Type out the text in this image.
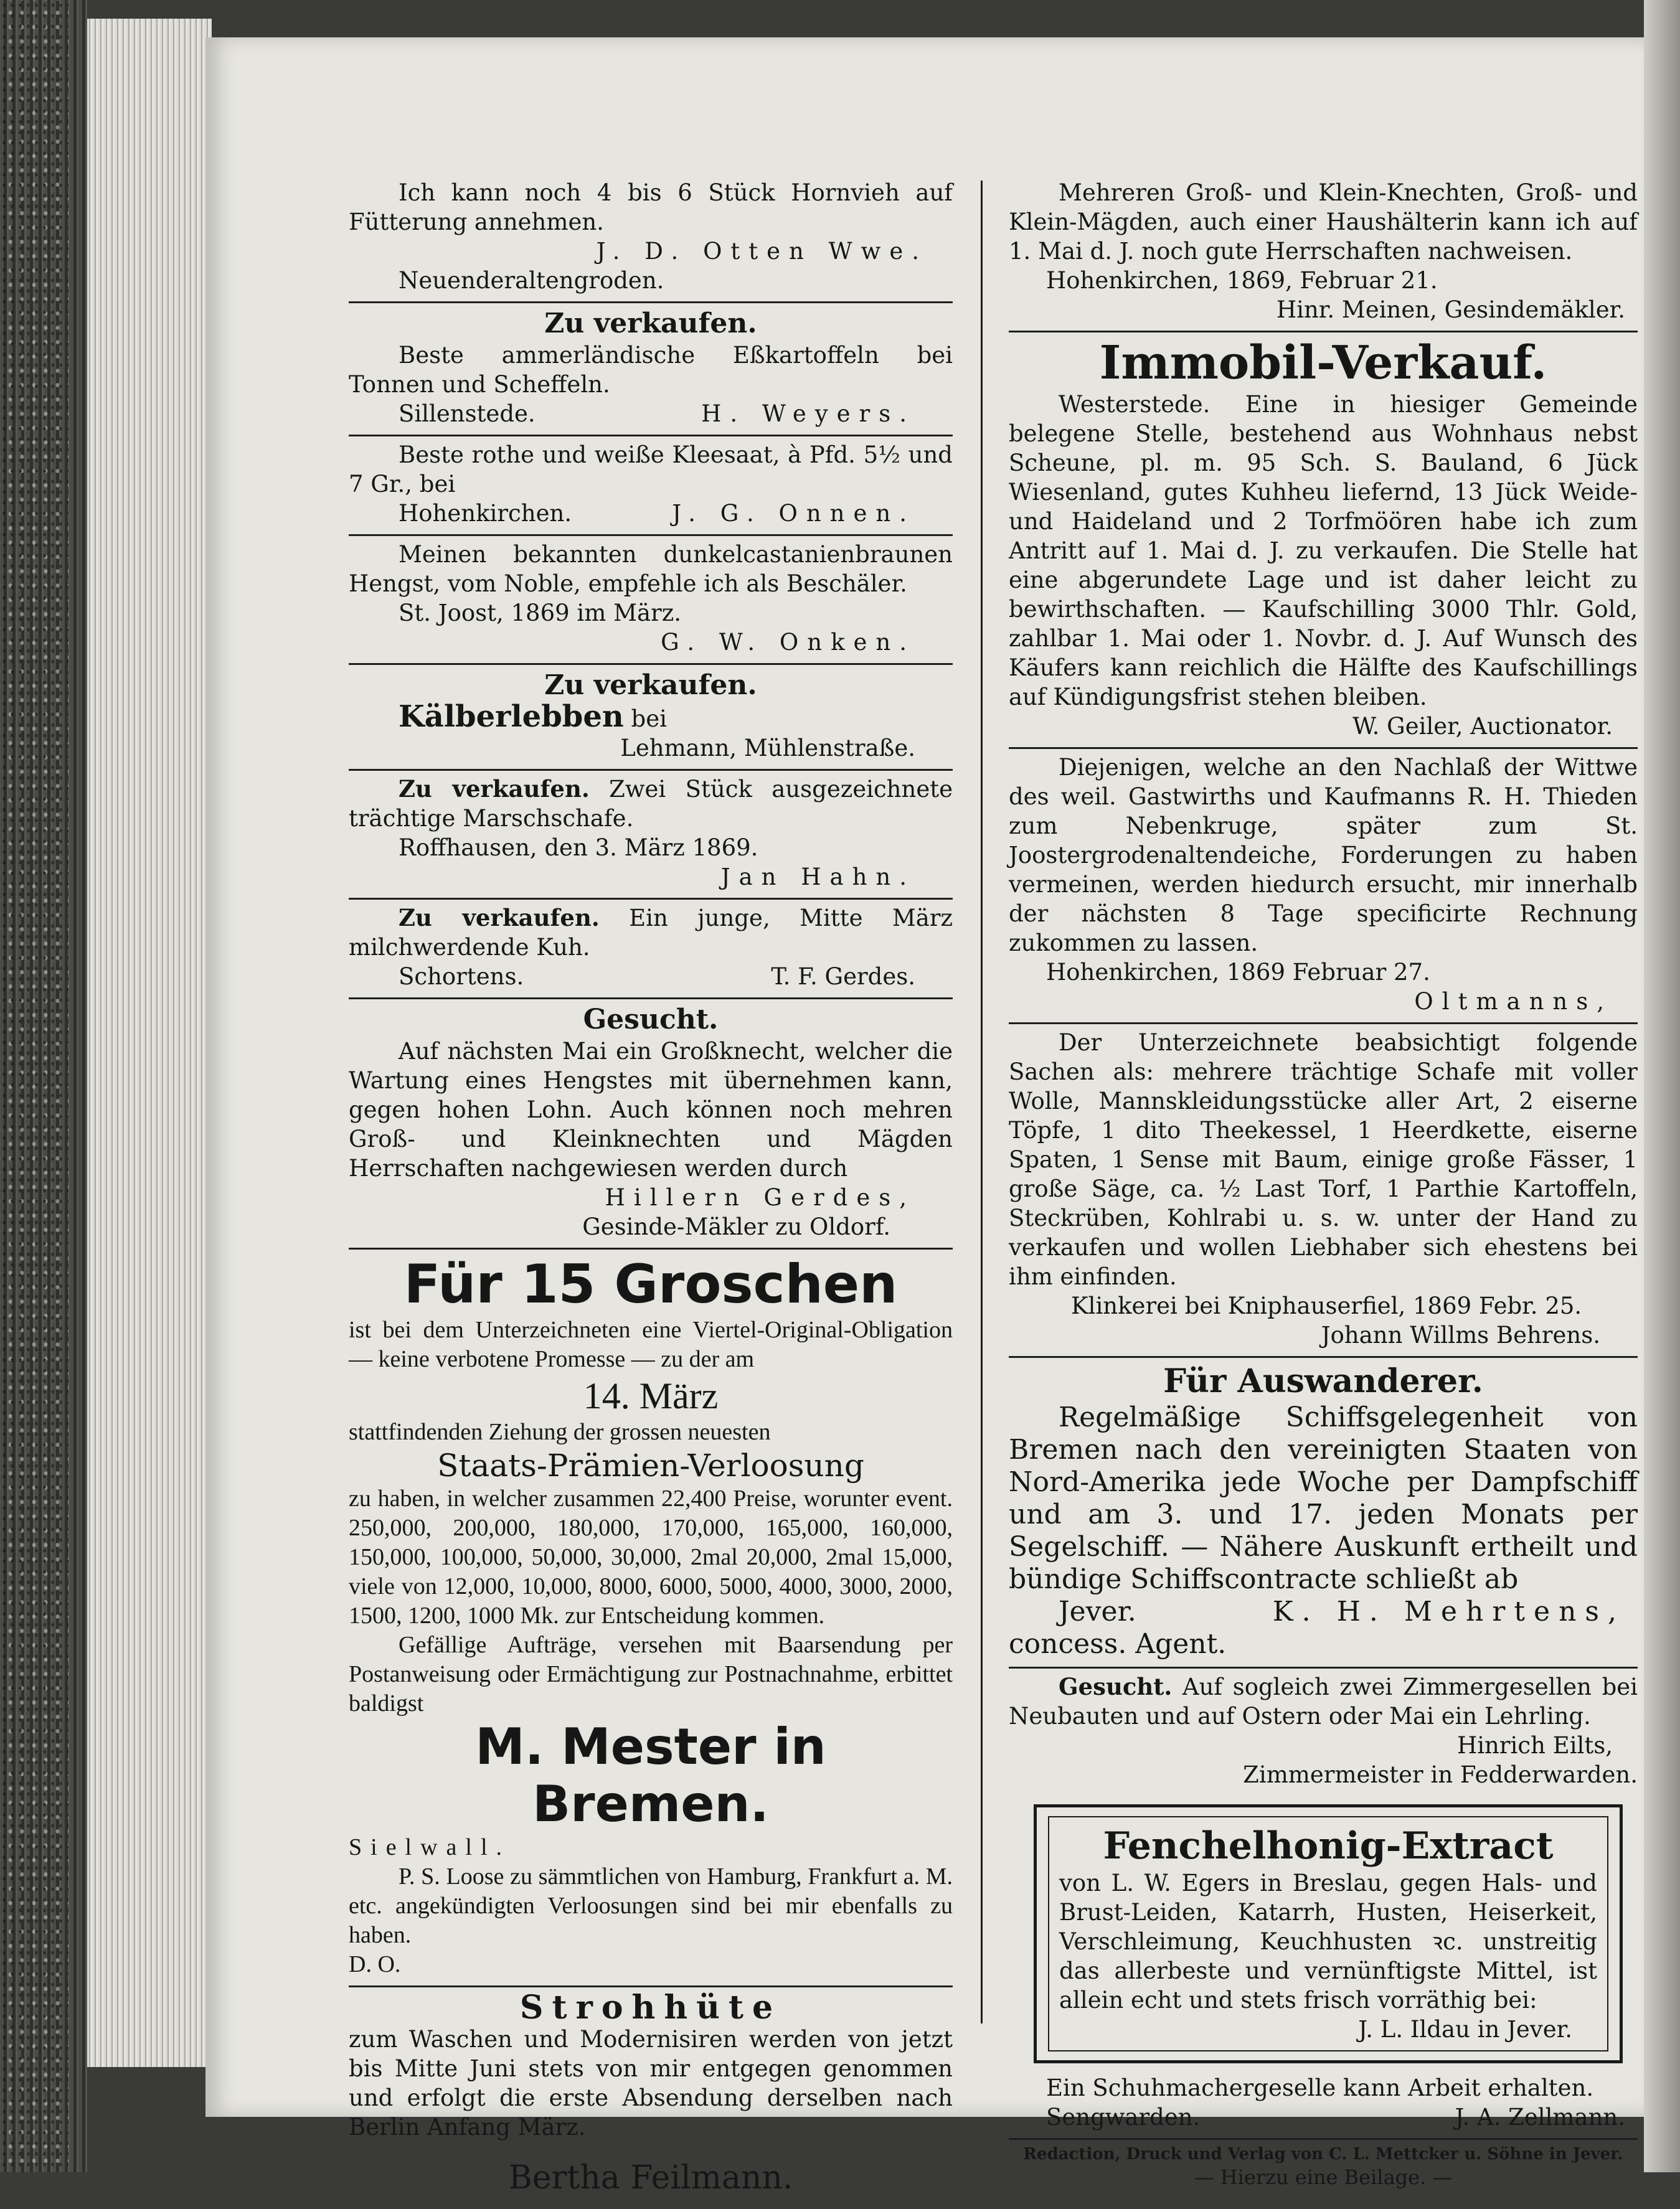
Ich kann noch 4 bis 6 Stück Hornvieh auf Fütterung annehmen.

J. D. Otten Wwe.

Neuenderaltengroden.

Zu verkaufen.

Beste ammerländische Eßkartoffeln bei Tonnen und Scheffeln.

Sillenstede.	H. Weyers.

Beste rothe und weiße Kleesaat, à Pfd. 5½ und 7 Gr., bei

Hohenkirchen.	J. G. Onnen.

Meinen bekannten dunkelcastanienbraunen Hengst, vom Noble, empfehle ich als Beschäler.

St. Joost, 1869 im März.

G. W. Onken.

Zu verkaufen.

Kälberlebben bei

Lehmann, Mühlenstraße.

Zu verkaufen. Zwei Stück ausgezeichnete trächtige Marschschafe.

Roffhausen, den 3. März 1869.

Jan Hahn.

Zu verkaufen. Ein junge, Mitte März milchwerdende Kuh.

Schortens.	T. F. Gerdes.

Gesucht.

Auf nächsten Mai ein Großknecht, welcher die Wartung eines Hengstes mit übernehmen kann, gegen hohen Lohn. Auch können noch mehren Groß- und Kleinknechten und Mägden Herrschaften nachgewiesen werden durch

Hillern Gerdes,

Gesinde-Mäkler zu Oldorf.

Für 15 Groschen

ist bei dem Unterzeichneten eine Viertel-Original-Obligation — keine verbotene Promesse — zu der am

14. März

stattfindenden Ziehung der grossen neuesten

Staats-Prämien-Verloosung

zu haben, in welcher zusammen 22,400 Preise, worunter event. 250,000, 200,000, 180,000, 170,000, 165,000, 160,000, 150,000, 100,000, 50,000, 30,000, 2mal 20,000, 2mal 15,000, viele von 12,000, 10,000, 8000, 6000, 5000, 4000, 3000, 2000, 1500, 1200, 1000 Mk. zur Entscheidung kommen.

Gefällige Aufträge, versehen mit Baarsendung per Postanweisung oder Ermächtigung zur Postnachnahme, erbittet baldigst

M. Mester in Bremen.

Sielwall.

P. S. Loose zu sämmtlichen von Hamburg, Frankfurt a. M. etc. angekündigten Verloosungen sind bei mir ebenfalls zu haben.

D. O.

Strohhüte

zum Waschen und Modernisiren werden von jetzt bis Mitte Juni stets von mir entgegen genommen und erfolgt die erste Absendung derselben nach Berlin Anfang März.

Bertha Feilmann.

Mehreren Groß- und Klein-Knechten, Groß- und Klein-Mägden, auch einer Haushälterin kann ich auf 1. Mai d. J. noch gute Herrschaften nachweisen.

Hohenkirchen, 1869, Februar 21.

Hinr. Meinen, Gesindemäkler.

Immobil-Verkauf.

Westerstede. Eine in hiesiger Gemeinde belegene Stelle, bestehend aus Wohnhaus nebst Scheune, pl. m. 95 Sch. S. Bauland, 6 Jück Wiesenland, gutes Kuhheu liefernd, 13 Jück Weide- und Haideland und 2 Torfmöören habe ich zum Antritt auf 1. Mai d. J. zu verkaufen. Die Stelle hat eine abgerundete Lage und ist daher leicht zu bewirthschaften. — Kaufschilling 3000 Thlr. Gold, zahlbar 1. Mai oder 1. Novbr. d. J. Auf Wunsch des Käufers kann reichlich die Hälfte des Kaufschillings auf Kündigungsfrist stehen bleiben.

W. Geiler, Auctionator.

Diejenigen, welche an den Nachlaß der Wittwe des weil. Gastwirths und Kaufmanns R. H. Thieden zum Nebenkruge, später zum St. Joostergrodenaltendeiche, Forderungen zu haben vermeinen, werden hiedurch ersucht, mir innerhalb der nächsten 8 Tage specificirte Rechnung zukommen zu lassen.

Hohenkirchen, 1869 Februar 27.

Oltmanns,

Der Unterzeichnete beabsichtigt folgende Sachen als: mehrere trächtige Schafe mit voller Wolle, Mannskleidungsstücke aller Art, 2 eiserne Töpfe, 1 dito Theekessel, 1 Heerdkette, eiserne Spaten, 1 Sense mit Baum, einige große Fässer, 1 große Säge, ca. ½ Last Torf, 1 Parthie Kartoffeln, Steckrüben, Kohlrabi u. s. w. unter der Hand zu verkaufen und wollen Liebhaber sich ehestens bei ihm einfinden.

Klinkerei bei Kniphauserfiel, 1869 Febr. 25.

Johann Willms Behrens.

Für Auswanderer.

Regelmäßige Schiffsgelegenheit von Bremen nach den vereinigten Staaten von Nord-Amerika jede Woche per Dampfschiff und am 3. und 17. jeden Monats per Segelschiff. — Nähere Auskunft ertheilt und bündige Schiffscontracte schließt ab

Jever.	K. H. Mehrtens,

concess. Agent.

Gesucht. Auf sogleich zwei Zimmergesellen bei Neubauten und auf Ostern oder Mai ein Lehrling.

Hinrich Eilts,

Zimmermeister in Fedderwarden.

Fenchelhonig-Extract

von L. W. Egers in Breslau, gegen Hals- und Brust-Leiden, Katarrh, Husten, Heiserkeit, Verschleimung, Keuchhusten ꝛc. unstreitig das allerbeste und vernünftigste Mittel, ist allein echt und stets frisch vorräthig bei:

J. L. Ildau in Jever.

Ein Schuhmachergeselle kann Arbeit erhalten.

Sengwarden.	J. A. Zellmann.

Redaction, Druck und Verlag von C. L. Mettcker u. Söhne in Jever.

— Hierzu eine Beilage. —
